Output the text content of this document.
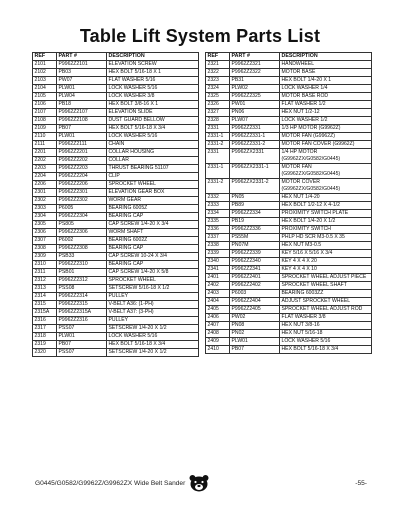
Table Lift System Parts List
REF	PART #	DESCRIPTION
2101	P9962Z2101	ELEVATION SCREW
2102	PB03	HEX BOLT 5/16-18 X 1
2103	PW07	FLAT WASHER 5/16
2104	PLW01	LOCK WASHER 5/16
2105	PLW04	LOCK WASHER 3/8
2106	PB18	HEX BOLT 3/8-16 X 1
2107	P9962Z2107	ELEVATION SLIDE
2108	P9962Z2108	DUST GUARD BELLOW
2109	PB07	HEX BOLT 5/16-18 X 3/4
2110	PLW01	LOCK WASHER 5/16
2111	P9962Z2111	CHAIN
2201	P9962Z2201	COLLAR HOUSING
2202	P9962Z2202	COLLAR
2203	P9962Z2203	THRUST BEARING 51107
2204	P9962Z2204	CLIP
2206	P9962Z2206	SPROCKET WHEEL
2301	P9962Z2301	ELEVATION GEAR BOX
2302	P9962Z2302	WORM GEAR
2303	P6005	BEARING 6005Z
2304	P9962Z2304	BEARING CAP
2305	PS805	CAP SCREW 1/4-20 X 3/4
2306	P9962Z2306	WORM SHAFT
2307	P6002	BEARING 6002Z
2308	P9962Z2308	BEARING CAP
2309	PSB33	CAP SCREW 10-24 X 3/4
2310	P9962Z2310	BEARING CAP
2311	PSB01	CAP SCREW 1/4-20 X 5/8
2312	P9962Z2312	SPROCKET WHEEL
2313	PSS08	SETSCREW 5/16-18 X 1/2
2314	P9962Z2314	PULLEY
2315	P9962Z2315	V-BELT A36: (1-PH)
2315A	P9962Z2315A	V-BELT A37: (3-PH)
2316	P9962Z2316	PULLEY
2317	PSS07	SETSCREW 1/4-20 X 1/2
2318	PLW01	LOCK WASHER 5/16
2319	PB07	HEX BOLT 5/16-18 X 3/4
2320	PSS07	SETSCREW 1/4-20 X 1/2
REF	PART #	DESCRIPTION
2321	P9962Z2321	HANDWHEEL
2322	P9962Z2322	MOTOR BASE
2323	PB31	HEX BOLT 1/4-20 X 1
2324	PLW02	LOCK WASHER 1/4
2325	P9962Z2325	MOTOR BASE ROD
2326	PW01	FLAT WASHER 1/2
2327	PN06	HEX NUT 1/2-12
2328	PLW07	LOCK WASHER 1/2
2331	P9962Z2331	1/3 HP MOTOR (G9962Z)
2331-1	P9962Z2331-1	MOTOR FAN (G9962Z)
2331-2	P9962Z2331-2	MOTOR FAN COVER (G9962Z)
2331	P9962ZX2331	1/4 HP MOTOR (G9962ZX/G0582/G0445)
2331-1	P9962ZX2331-1	MOTOR FAN (G9962ZX/G0582/G0445)
2331-2	P9962ZX2331-2	MOTOR COVER (G9962ZX/G0582/G0445)
2332	PN05	HEX NUT 1/4-20
2333	PB89	HEX BOLT 1/2-12 X 4-1/2
2334	P9962Z2334	PROXIMITY SWITCH PLATE
2335	PB19	HEX BOLT 1/4-20 X 1/2
2336	P9962Z2336	PROXIMITY SWITCH
2337	PS55M	PHLP HD SCR M3-0.5 X 35
2338	PN07M	HEX NUT M3-0.5
2339	P9962Z2339	KEY 5/16 X 5/16 X 3/4
2340	P9962Z2340	KEY 4 X 4 X 20
2341	P9962Z2341	KEY 4 X 4 X 10
2401	P9962Z2401	SPROCKET WHEEL ADJUST PIECE
2402	P9962Z2402	SPROCKET WHEEL SHAFT
2403	P6003	BEARING 6003ZZ
2404	P9962Z2404	ADJUST SPROCKET WHEEL
2405	P9962Z2405	SPROCKET WHEEL ADJUST ROD
2406	PW02	FLAT WASHER 3/8
2407	PN08	HEX NUT 3/8-16
2408	PN02	HEX NUT 5/16-18
2409	PLW01	LOCK WASHER 5/16
2410	PB07	HEX BOLT 5/16-18 X 3/4
G0445/G0582/G9962Z/G9962ZX Wide Belt Sander	-55-
